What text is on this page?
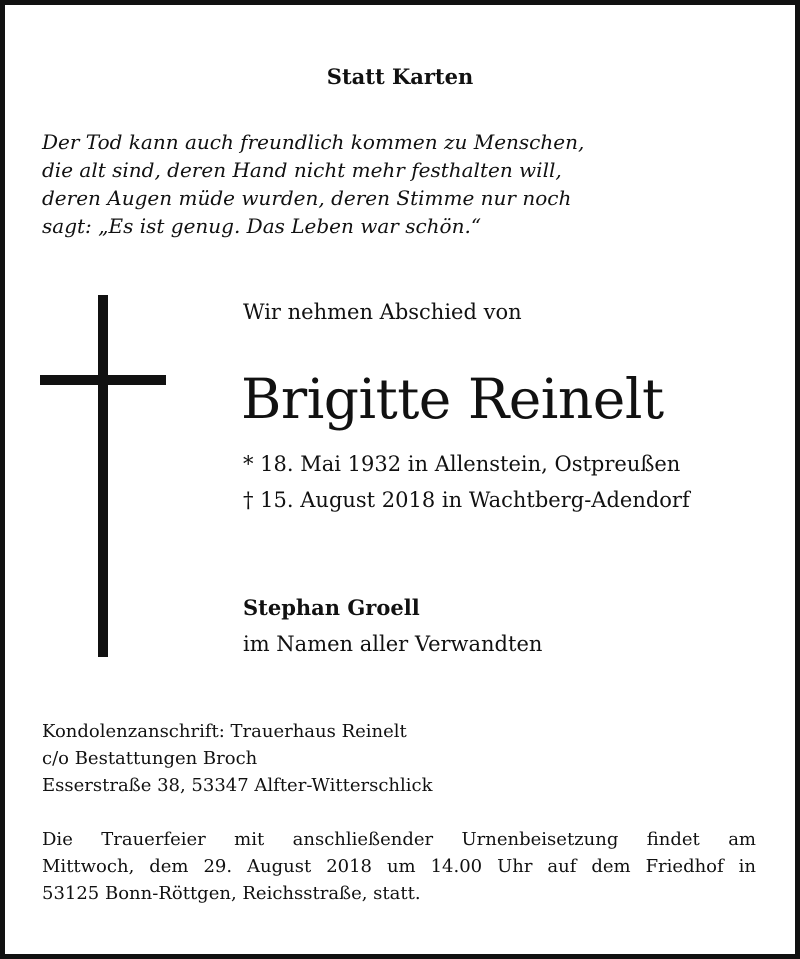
Statt Karten
Der Tod kann auch freundlich kommen zu Menschen,
die alt sind, deren Hand nicht mehr festhalten will,
deren Augen müde wurden, deren Stimme nur noch
sagt: „Es ist genug. Das Leben war schön.“
Wir nehmen Abschied von
Brigitte Reinelt
* 18. Mai 1932 in Allenstein, Ostpreußen
† 15. August 2018 in Wachtberg-Adendorf
Stephan Groell
im Namen aller Verwandten
Kondolenzanschrift: Trauerhaus Reinelt
c/o Bestattungen Broch
Esserstraße 38, 53347 Alfter-Witterschlick
Die Trauerfeier mit anschließender Urnenbeisetzung findet am
Mittwoch, dem 29. August 2018 um 14.00 Uhr auf dem Friedhof in
53125 Bonn-Röttgen, Reichsstraße, statt.
